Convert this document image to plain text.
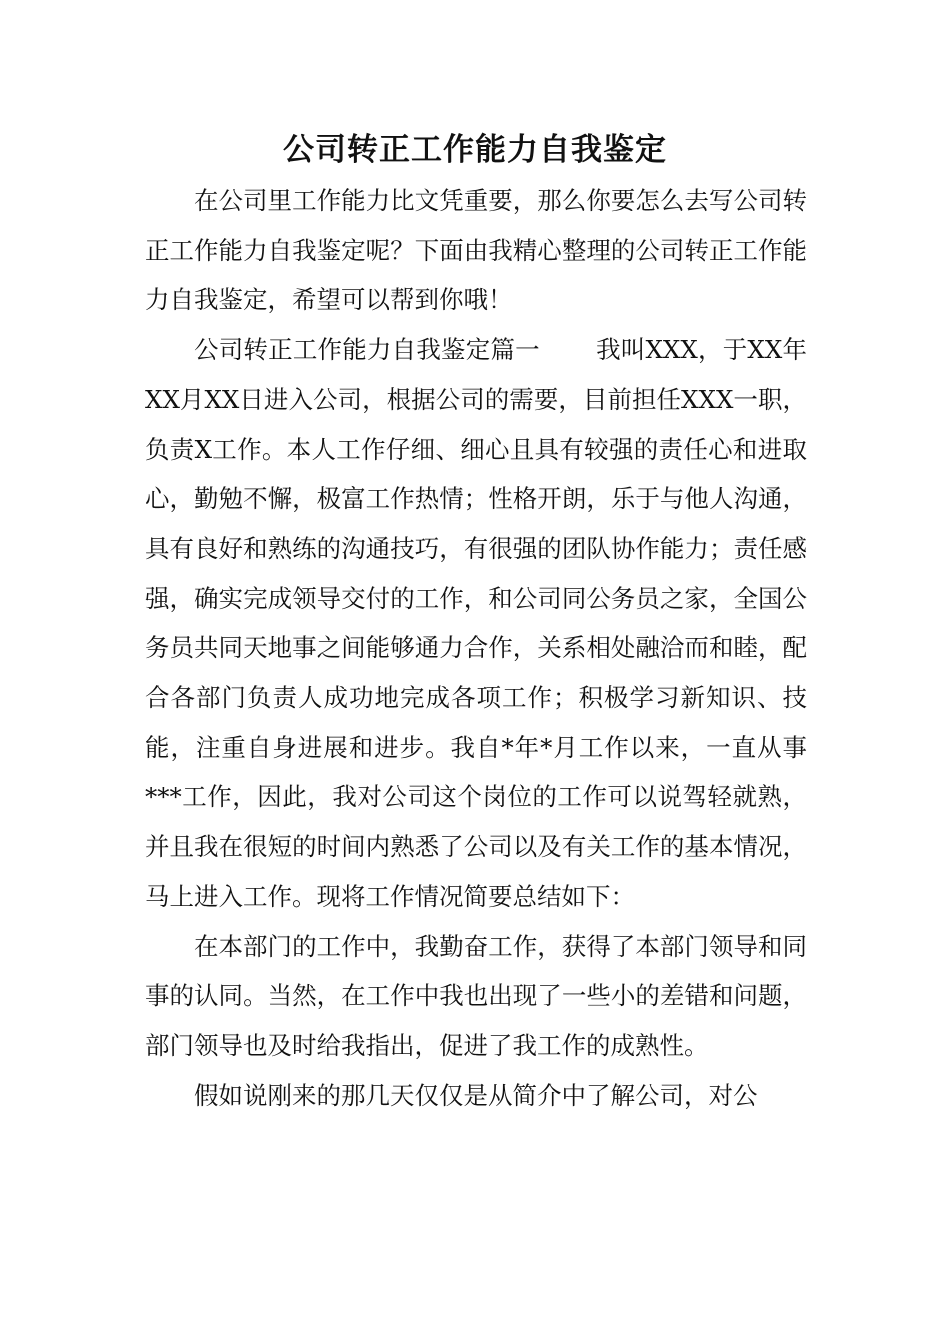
公司转正工作能力自我鉴定

在公司里工作能力比文凭重要，那么你要怎么去写公司转正工作能力自我鉴定呢？下面由我精心整理的公司转正工作能力自我鉴定，希望可以帮到你哦！

公司转正工作能力自我鉴定篇一 我叫XXX，于XX年XX月XX日进入公司，根据公司的需要，目前担任XXX一职，负责X工作。本人工作仔细、细心且具有较强的责任心和进取心，勤勉不懈，极富工作热情；性格开朗，乐于与他人沟通，具有良好和熟练的沟通技巧，有很强的团队协作能力；责任感强，确实完成领导交付的工作，和公司同公务员之家，全国公务员共同天地事之间能够通力合作，关系相处融洽而和睦，配合各部门负责人成功地完成各项工作；积极学习新知识、技能，注重自身进展和进步。我自*年*月工作以来，一直从事***工作，因此，我对公司这个岗位的工作可以说驾轻就熟，并且我在很短的时间内熟悉了公司以及有关工作的基本情况，马上进入工作。现将工作情况简要总结如下：

在本部门的工作中，我勤奋工作，获得了本部门领导和同事的认同。当然，在工作中我也出现了一些小的差错和问题，部门领导也及时给我指出，促进了我工作的成熟性。

假如说刚来的那几天仅仅是从简介中了解公司，对公
